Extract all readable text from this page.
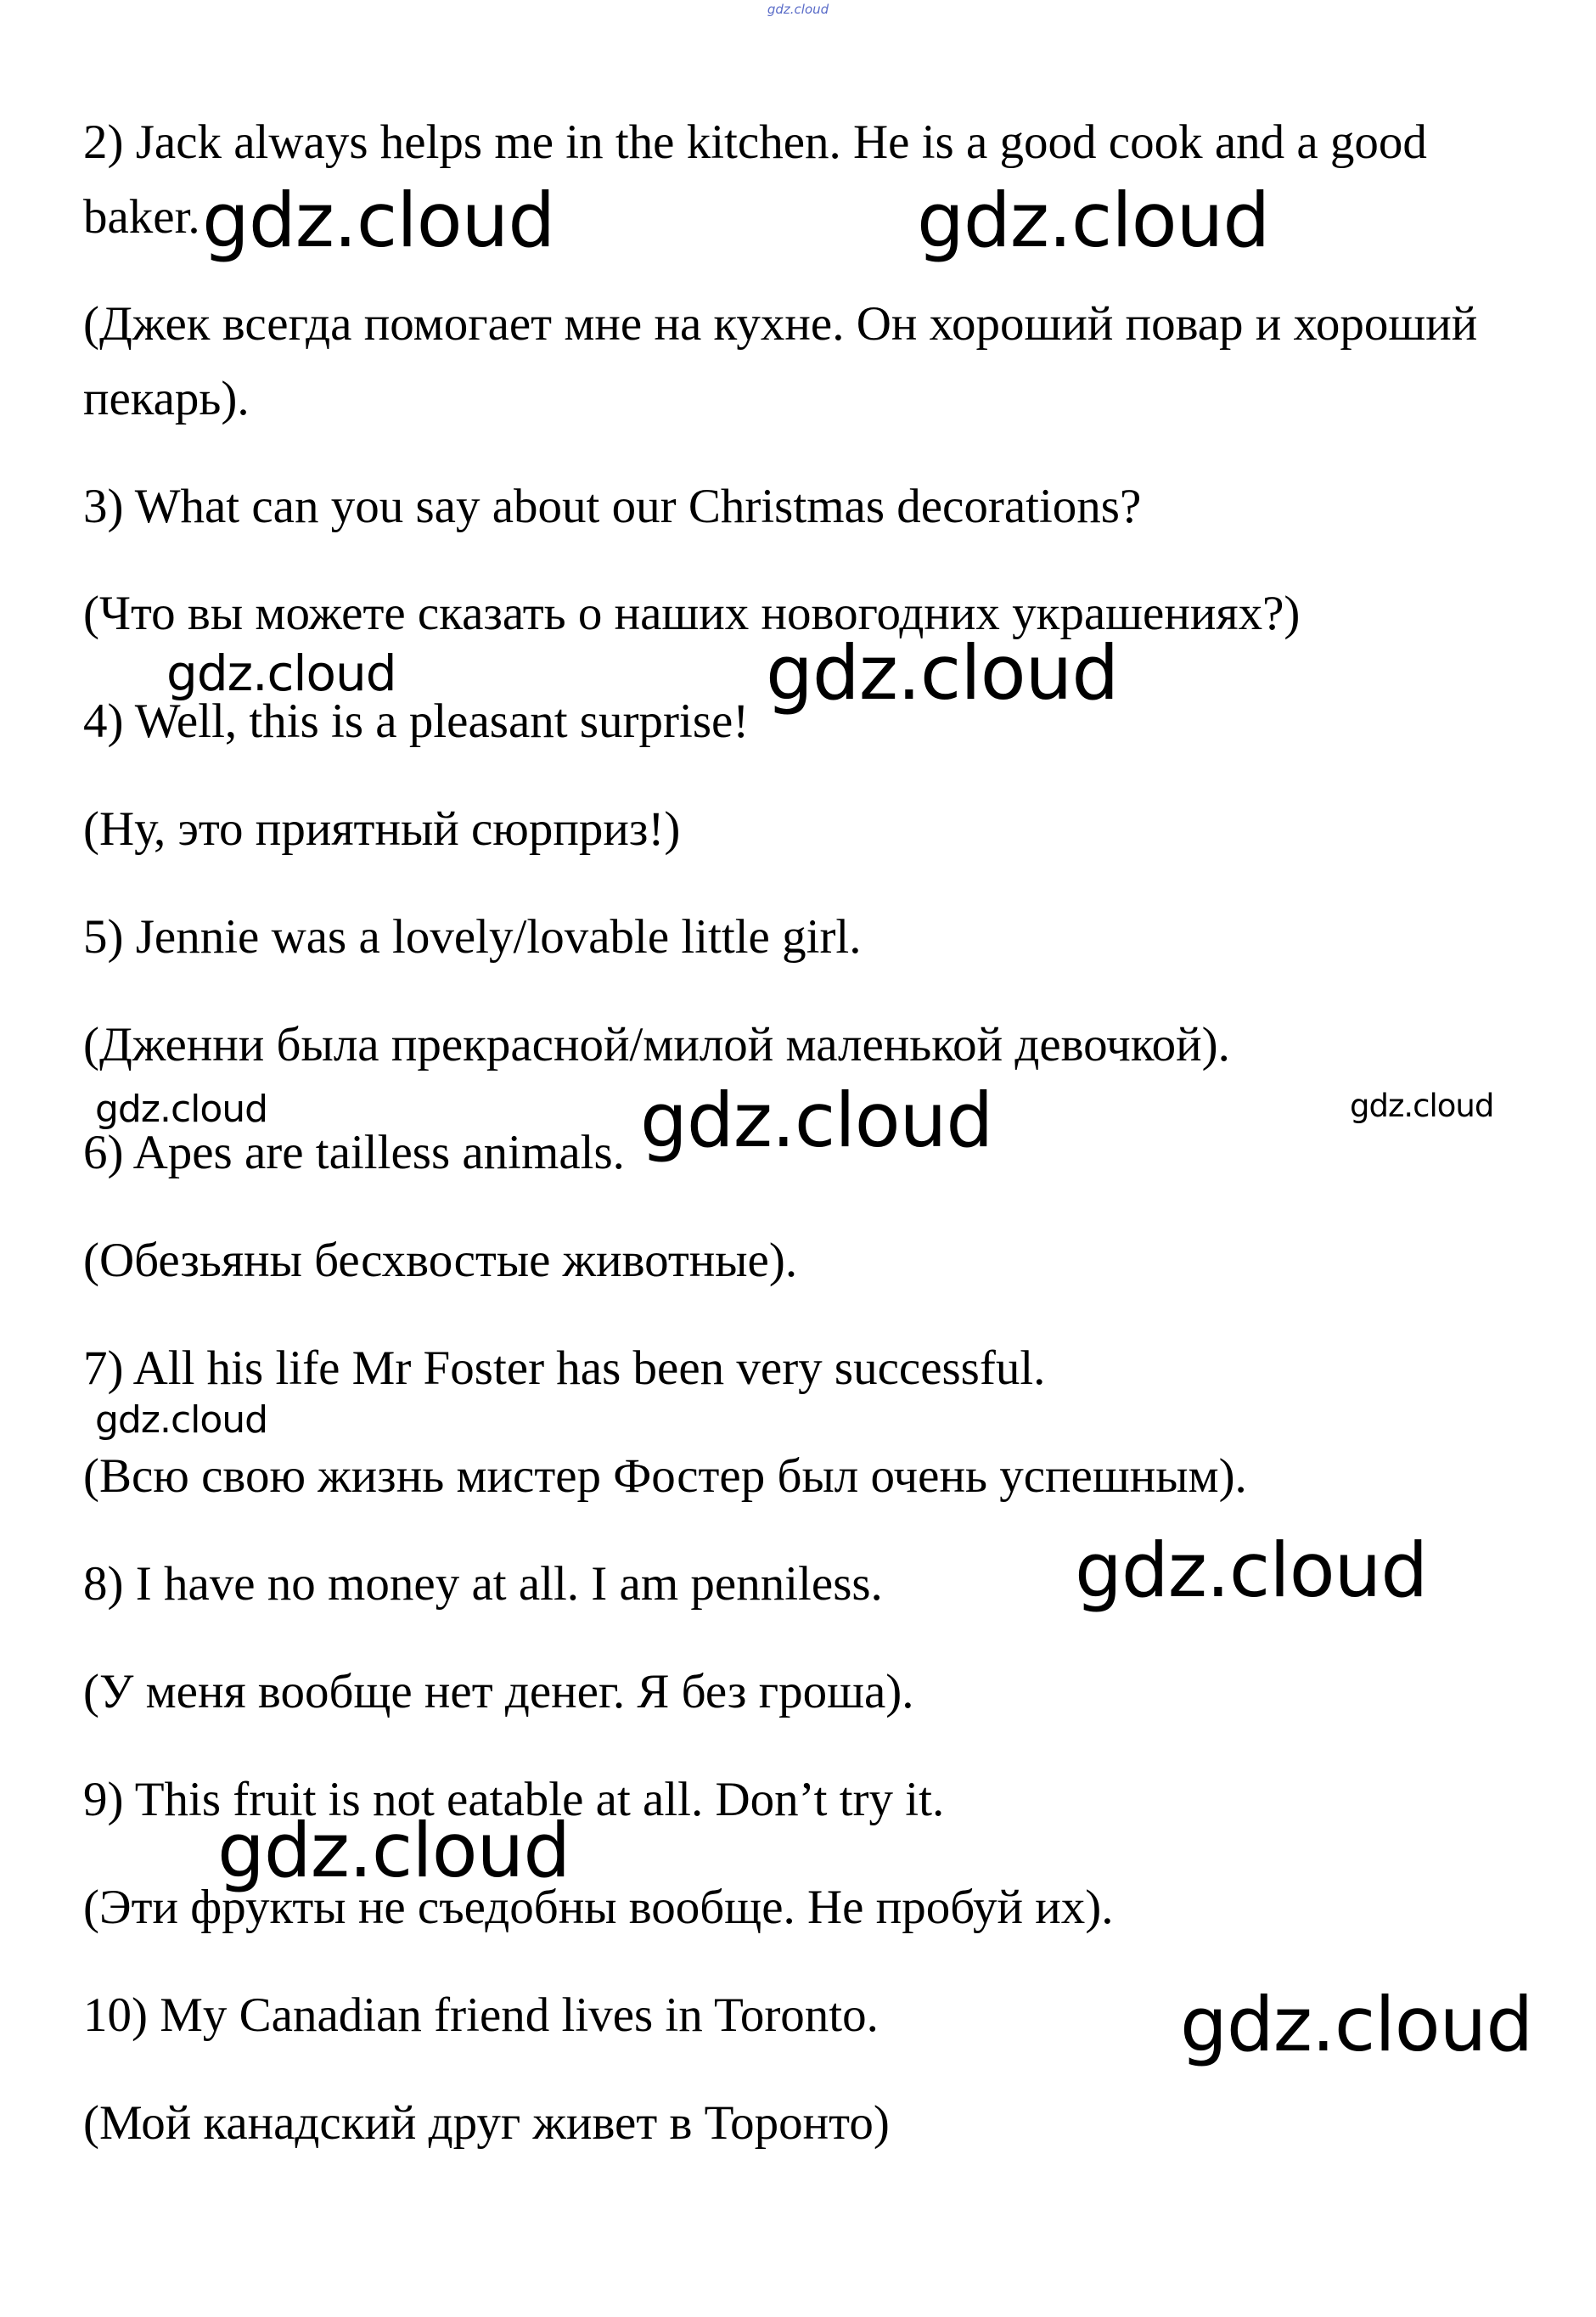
gdz.cloud
2) Jack always helps me in the kitchen. He is a good cook and a good
baker.
(Джек всегда помогает мне на кухне. Он хороший повар и хороший
пекарь).
3) What can you say about our Christmas decorations?
(Что вы можете сказать о наших новогодних украшениях?)
4) Well, this is a pleasant surprise!
(Ну, это приятный сюрприз!)
5) Jennie was a lovely/lovable little girl.
(Дженни была прекрасной/милой маленькой девочкой).
6) Apes are tailless animals.
(Обезьяны бесхвостые животные).
7) All his life Mr Foster has been very successful.
(Всю свою жизнь мистер Фостер был очень успешным).
8) I have no money at all. I am penniless.
(У меня вообще нет денег. Я без гроша).
9) This fruit is not eatable at all. Don’t try it.
(Эти фрукты не съедобны вообще. Не пробуй их).
10) My Canadian friend lives in Toronto.
(Мой канадский друг живет в Торонто)
gdz.cloud	gdz.cloud
gdz.cloud	gdz.cloud
gdz.cloud	gdz.cloud	gdz.cloud
gdz.cloud
gdz.cloud
gdz.cloud
gdz.cloud
